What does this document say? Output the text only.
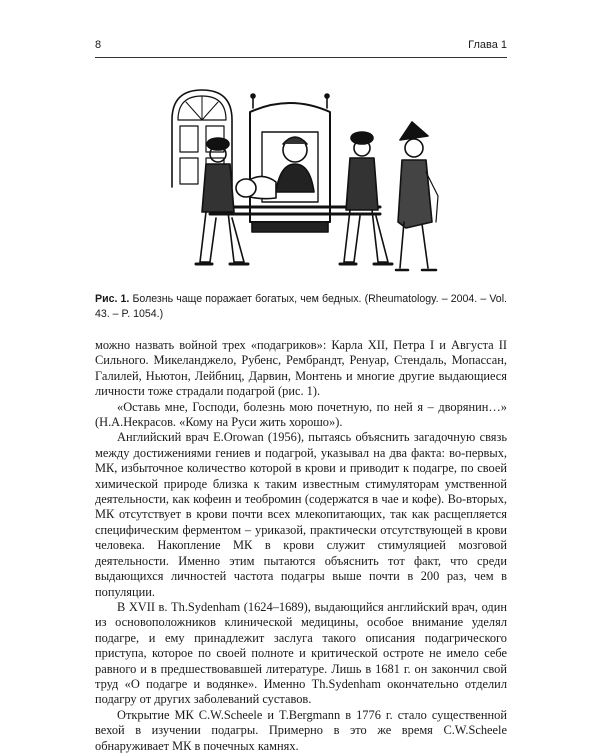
8	Глава 1
Рис. 1. Болезнь чаще поражает богатых, чем бедных. (Rheumatology. – 2004. – Vol. 43. – P. 1054.)

можно назвать войной трех «подагриков»: Карла XII, Петра I и Августа II Сильного. Микеланджело, Рубенс, Рембрандт, Ренуар, Стендаль, Мопассан, Галилей, Ньютон, Лейбниц, Дарвин, Монтень и многие другие выдающиеся личности тоже страдали подагрой (рис. 1).

«Оставь мне, Господи, болезнь мою почетную, по ней я – дворянин…» (Н.А.Некрасов. «Кому на Руси жить хорошо»).

Английский врач E.Orowan (1956), пытаясь объяснить загадочную связь между достижениями гениев и подагрой, указывал на два факта: во-первых, МК, избыточное количество которой в крови и приводит к подагре, по своей химической природе близка к таким известным стимуляторам умственной деятельности, как кофеин и теобромин (содержатся в чае и кофе). Во-вторых, МК отсутствует в крови почти всех млекопитающих, так как расщепляется специфическим ферментом – уриказой, практически отсутствующей в крови человека. Накопление МК в крови служит стимуляцией мозговой деятельности. Именно этим пытаются объяснить тот факт, что среди выдающихся личностей частота подагры выше почти в 200 раз, чем в популяции.

В XVII в. Th.Sydenham (1624–1689), выдающийся английский врач, один из основоположников клинической медицины, особое внимание уделял подагре, и ему принадлежит заслуга такого описания подагрического приступа, которое по своей полноте и критической остроте не имело себе равного и в предшествовавшей литературе. Лишь в 1681 г. он закончил свой труд «О подагре и водянке». Именно Th.Sydenham окончательно отделил подагру от других заболеваний суставов.

Открытие МК C.W.Scheele и T.Bergmann в 1776 г. стало существенной вехой в изучении подагры. Примерно в это же время C.W.Scheele обнаруживает МК в почечных камнях.
